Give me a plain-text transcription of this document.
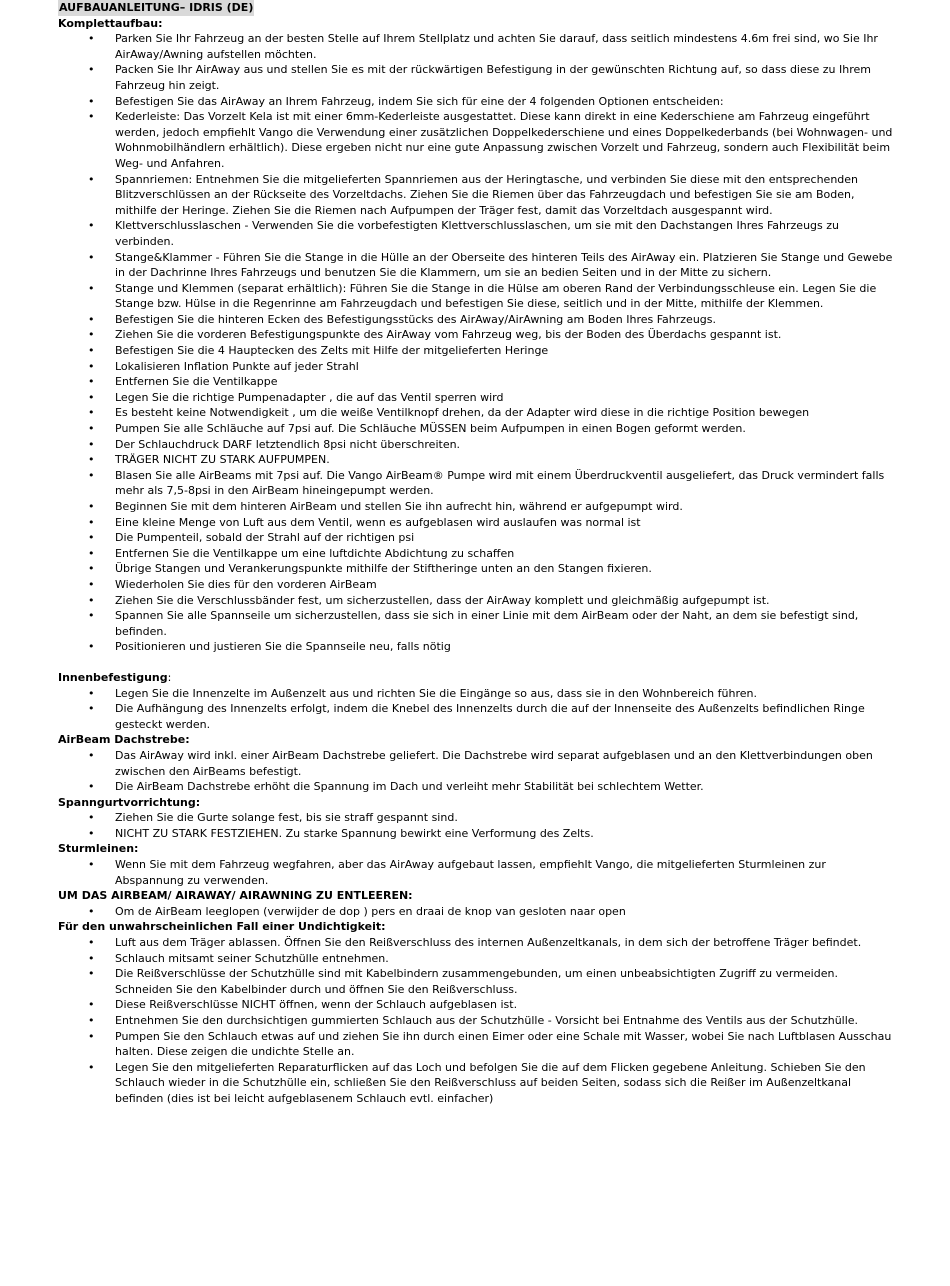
AUFBAUANLEITUNG– IDRIS (DE)
Komplettaufbau:
• Parken Sie Ihr Fahrzeug an der besten Stelle auf Ihrem Stellplatz und achten Sie darauf, dass seitlich mindestens 4.6m frei sind, wo Sie Ihr AirAway/Awning aufstellen möchten.
• Packen Sie Ihr AirAway aus und stellen Sie es mit der rückwärtigen Befestigung in der gewünschten Richtung auf, so dass diese zu Ihrem Fahrzeug hin zeigt.
• Befestigen Sie das AirAway an Ihrem Fahrzeug, indem Sie sich für eine der 4 folgenden Optionen entscheiden:
• Kederleiste: Das Vorzelt Kela ist mit einer 6mm-Kederleiste ausgestattet. Diese kann direkt in eine Kederschiene am Fahrzeug eingeführt werden, jedoch empfiehlt Vango die Verwendung einer zusätzlichen Doppelkederschiene und eines Doppelkederbands (bei Wohnwagen- und Wohnmobilhändlern erhältlich). Diese ergeben nicht nur eine gute Anpassung zwischen Vorzelt und Fahrzeug, sondern auch Flexibilität beim Weg- und Anfahren.
• Spannriemen: Entnehmen Sie die mitgelieferten Spannriemen aus der Heringtasche, und verbinden Sie diese mit den entsprechenden Blitzverschlüssen an der Rückseite des Vorzeltdachs. Ziehen Sie die Riemen über das Fahrzeugdach und befestigen Sie sie am Boden, mithilfe der Heringe. Ziehen Sie die Riemen nach Aufpumpen der Träger fest, damit das Vorzeltdach ausgespannt wird.
• Klettverschlusslaschen - Verwenden Sie die vorbefestigten Klettverschlusslaschen, um sie mit den Dachstangen Ihres Fahrzeugs zu verbinden.
• Stange&Klammer - Führen Sie die Stange in die Hülle an der Oberseite des hinteren Teils des AirAway ein. Platzieren Sie Stange und Gewebe in der Dachrinne Ihres Fahrzeugs und benutzen Sie die Klammern, um sie an bedien Seiten und in der Mitte zu sichern.
• Stange und Klemmen (separat erhältlich): Führen Sie die Stange in die Hülse am oberen Rand der Verbindungsschleuse ein. Legen Sie die Stange bzw. Hülse in die Regenrinne am Fahrzeugdach und befestigen Sie diese, seitlich und in der Mitte, mithilfe der Klemmen.
• Befestigen Sie die hinteren Ecken des Befestigungsstücks des AirAway/AirAwning am Boden Ihres Fahrzeugs.
• Ziehen Sie die vorderen Befestigungspunkte des AirAway vom Fahrzeug weg, bis der Boden des Überdachs gespannt ist.
• Befestigen Sie die 4 Hauptecken des Zelts mit Hilfe der mitgelieferten Heringe
• Lokalisieren Inflation Punkte auf jeder Strahl
• Entfernen Sie die Ventilkappe
• Legen Sie die richtige Pumpenadapter , die auf das Ventil sperren wird
• Es besteht keine Notwendigkeit , um die weiße Ventilknopf drehen, da der Adapter wird diese in die richtige Position bewegen
• Pumpen Sie alle Schläuche auf 7psi auf. Die Schläuche MÜSSEN beim Aufpumpen in einen Bogen geformt werden.
• Der Schlauchdruck DARF letztendlich 8psi nicht überschreiten.
• TRÄGER NICHT ZU STARK AUFPUMPEN.
• Blasen Sie alle AirBeams mit 7psi auf. Die Vango AirBeam® Pumpe wird mit einem Überdruckventil ausgeliefert, das Druck vermindert falls mehr als 7,5-8psi in den AirBeam hineingepumpt werden.
• Beginnen Sie mit dem hinteren AirBeam und stellen Sie ihn aufrecht hin, während er aufgepumpt wird.
• Eine kleine Menge von Luft aus dem Ventil, wenn es aufgeblasen wird auslaufen was normal ist
• Die Pumpenteil, sobald der Strahl auf der richtigen psi
• Entfernen Sie die Ventilkappe um eine luftdichte Abdichtung zu schaffen
• Übrige Stangen und Verankerungspunkte mithilfe der Stiftheringe unten an den Stangen fixieren.
• Wiederholen Sie dies für den vorderen AirBeam
• Ziehen Sie die Verschlussbänder fest, um sicherzustellen, dass der AirAway komplett und gleichmäßig aufgepumpt ist.
• Spannen Sie alle Spannseile um sicherzustellen, dass sie sich in einer Linie mit dem AirBeam oder der Naht, an dem sie befestigt sind, befinden.
• Positionieren und justieren Sie die Spannseile neu, falls nötig
Innenbefestigung:
• Legen Sie die Innenzelte im Außenzelt aus und richten Sie die Eingänge so aus, dass sie in den Wohnbereich führen.
• Die Aufhängung des Innenzelts erfolgt, indem die Knebel des Innenzelts durch die auf der Innenseite des Außenzelts befindlichen Ringe gesteckt werden.
AirBeam Dachstrebe:
• Das AirAway wird inkl. einer AirBeam Dachstrebe geliefert. Die Dachstrebe wird separat aufgeblasen und an den Klettverbindungen oben zwischen den AirBeams befestigt.
• Die AirBeam Dachstrebe erhöht die Spannung im Dach und verleiht mehr Stabilität bei schlechtem Wetter.
Spanngurtvorrichtung:
• Ziehen Sie die Gurte solange fest, bis sie straff gespannt sind.
• NICHT ZU STARK FESTZIEHEN. Zu starke Spannung bewirkt eine Verformung des Zelts.
Sturmleinen:
• Wenn Sie mit dem Fahrzeug wegfahren, aber das AirAway aufgebaut lassen, empfiehlt Vango, die mitgelieferten Sturmleinen zur Abspannung zu verwenden.
UM DAS AIRBEAM/ AIRAWAY/ AIRAWNING ZU ENTLEEREN:
• Om de AirBeam leeglopen (verwijder de dop ) pers en draai de knop van gesloten naar open
Für den unwahrscheinlichen Fall einer Undichtigkeit:
• Luft aus dem Träger ablassen. Öffnen Sie den Reißverschluss des internen Außenzeltkanals, in dem sich der betroffene Träger befindet.
• Schlauch mitsamt seiner Schutzhülle entnehmen.
• Die Reißverschlüsse der Schutzhülle sind mit Kabelbindern zusammengebunden, um einen unbeabsichtigten Zugriff zu vermeiden. Schneiden Sie den Kabelbinder durch und öffnen Sie den Reißverschluss.
• Diese Reißverschlüsse NICHT öffnen, wenn der Schlauch aufgeblasen ist.
• Entnehmen Sie den durchsichtigen gummierten Schlauch aus der Schutzhülle - Vorsicht bei Entnahme des Ventils aus der Schutzhülle.
• Pumpen Sie den Schlauch etwas auf und ziehen Sie ihn durch einen Eimer oder eine Schale mit Wasser, wobei Sie nach Luftblasen Ausschau halten. Diese zeigen die undichte Stelle an.
• Legen Sie den mitgelieferten Reparaturflicken auf das Loch und befolgen Sie die auf dem Flicken gegebene Anleitung. Schieben Sie den Schlauch wieder in die Schutzhülle ein, schließen Sie den Reißverschluss auf beiden Seiten, sodass sich die Reißer im Außenzeltkanal befinden (dies ist bei leicht aufgeblasenem Schlauch evtl. einfacher)
